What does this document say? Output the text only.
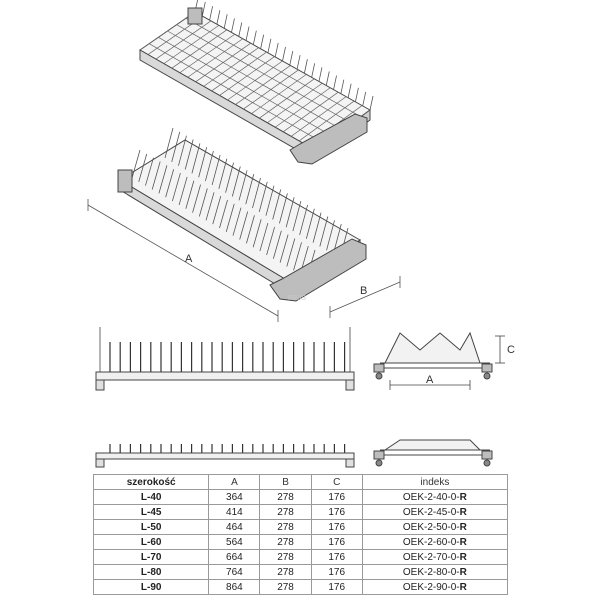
A
B
REJS
A
C
szerokość	A	B	C	indeks
L-40	364	278	176	OEK-2-40-0-R
L-45	414	278	176	OEK-2-45-0-R
L-50	464	278	176	OEK-2-50-0-R
L-60	564	278	176	OEK-2-60-0-R
L-70	664	278	176	OEK-2-70-0-R
L-80	764	278	176	OEK-2-80-0-R
L-90	864	278	176	OEK-2-90-0-R
